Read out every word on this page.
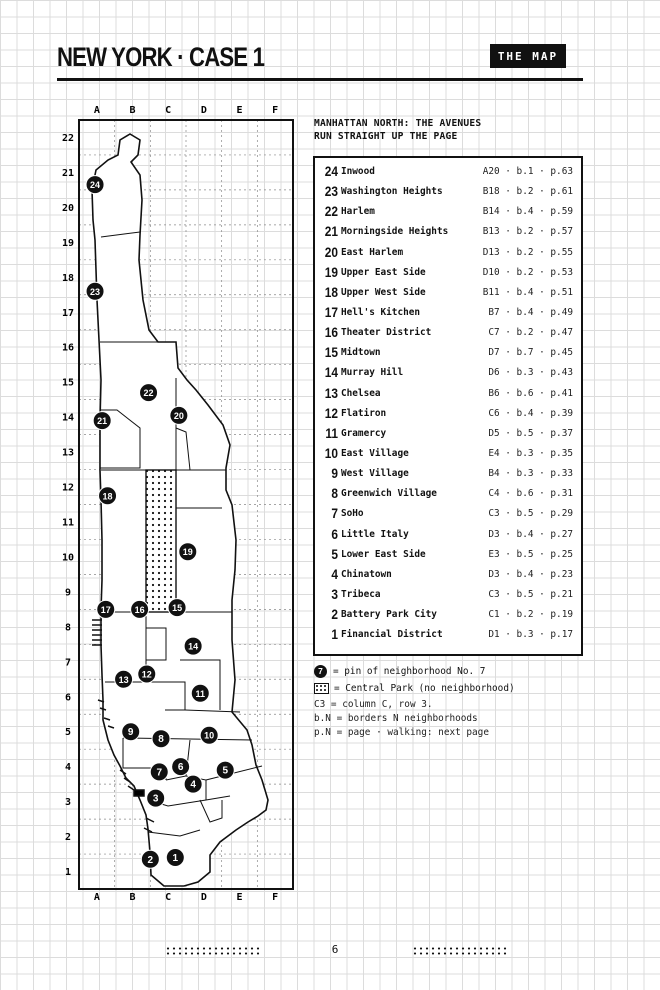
NEW YORK · CASE 1	THE MAP
1
2
3
4
5
6
7
8
9	10
11
12
13
14
15
16
17
18
19
20
21
22
23
24
A
A
B
B
C
C
D
D
E
E
F
F
22
21
20
19
18
17
16
15
14
13
12
11
10
9
8
7
6
5
4
3
2
1
MANHATTAN NORTH: THE AVENUES
RUN STRAIGHT UP THE PAGE
24 Inwood	A20 · b.1 · p.63
23 Washington Heights	B18 · b.2 · p.61
22 Harlem	B14 · b.4 · p.59
21 Morningside Heights	B13 · b.2 · p.57
20 East Harlem	D13 · b.2 · p.55
19 Upper East Side	D10 · b.2 · p.53
18 Upper West Side	B11 · b.4 · p.51
17 Hell's Kitchen	B7 · b.4 · p.49
16 Theater District	C7 · b.2 · p.47
15 Midtown	D7 · b.7 · p.45
14 Murray Hill	D6 · b.3 · p.43
13 Chelsea	B6 · b.6 · p.41
12 Flatiron	C6 · b.4 · p.39
11 Gramercy	D5 · b.5 · p.37
10 East Village	E4 · b.3 · p.35
9 West Village	B4 · b.3 · p.33
8 Greenwich Village	C4 · b.6 · p.31
7 SoHo	C3 · b.5 · p.29
6 Little Italy	D3 · b.4 · p.27
5 Lower East Side	E3 · b.5 · p.25
4 Chinatown	D3 · b.4 · p.23
3 Tribeca	C3 · b.5 · p.21
2 Battery Park City	C1 · b.2 · p.19
1 Financial District	D1 · b.3 · p.17
7	= pin of neighborhood No. 7
= Central Park (no neighborhood)
C3 = column C, row 3.
b.N = borders N neighborhoods
p.N = page · walking: next page
6
